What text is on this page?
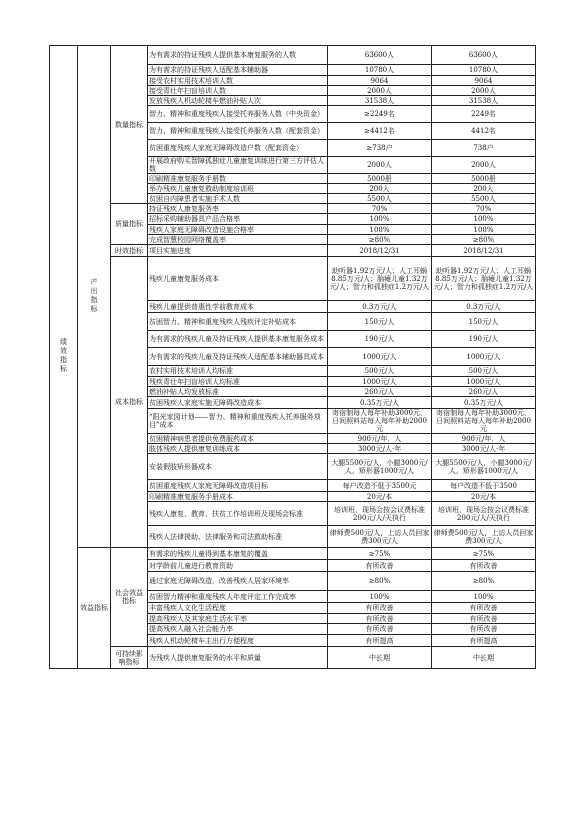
绩效指标	产出指标	数量指标	为有需求的持证残疾人提供基本康复服务的人数	63600人	63600人
			为有需求的持证残疾人适配基本辅助器	10780人	10780人
			接受农村实用技术培训人数	9064	9064
			接受青壮年扫盲培训人数	2000人	2000人
			发放残疾人机动轮椅车燃油补贴人次	31538人	31538人
			智力、精神和重度残疾人接受托养服务人数（中央资金）	≥2249名	2249名
			智力、精神和重度残疾人接受托养服务人数（配套资金）	≥4412名	4412名
			贫困重度残疾人家庭无障碍改造户数（配套资金）	≥738户	738户
			开展政府购买智障孤独症儿童康复训练进行第三方评估人数	2000人	2000人
			印刷精准康复服务手册数	5000册	5000册
			举办残疾儿童康复救助制度培训班	200人	200人
			贫困自内障患者实施手术人数	5500人	5500人
		质量指标	持证残疾人康复服务率	70%	70%
			招标采购辅助器具产品合格率	100%	100%
			残疾人家庭无障碍改造设施合格率	100%	100%
			完成智慧校园网络覆盖率	≥80%	≥80%
		时效指标	项目实施进度	2018/12/31	2018/12/31
		成本指标	残疾儿童康复服务成本	助听器1.92万元/人；人工耳蜗8.85万元/人；脑瘫儿童1.32万元/人；智力和孤独症1.2万元/人	助听器1.92万元/人；人工耳蜗8.85万元/人；脑瘫儿童1.32万元/人；智力和孤独症1.2万元/人
			残疾儿童提供普惠性学前教育成本	0.3万元/人	0.3万元/人
			贫困智力、精神和重度残疾人残疾评定补贴成本	150元/人	150元/人
			为有需求的残疾儿童及持证残疾人提供基本康复服务成本	190元/人	190元/人
			为有需求的残疾儿童及持证残疾人适配基本辅助器具成本	1000元/人	1000元/人
			农村实用技术培训人均标准	500元/人	500元/人
			残疾青壮年扫盲培训人均标准	1000元/人	1000元/人
			燃油补贴人均发放标准	260元/人	260元/人
			贫困残疾人家庭实施无障碍改造成本	0.35万元/人	0.35万元/人
			“阳光家园计划——智力、精神和重度残疾人托养服务项目”成本	寄宿制每人每年补助3000元、日间照料站每人每年补助2000元	寄宿制每人每年补助3000元、日间照料站每人每年补助2000元
			贫困精神病患者提供免费服药成本	900元/年．人	900元/年．人
			肢体残疾人提供康复训练成本	3000元/人·年	3000元/人·年
			安装假肢矫形器成本	大腿5500元/人，小腿3000元/人，矫形器1000元/人	大腿5500元/人，小腿3000元/人，矫形器1000元/人
			贫困重度残疾人家庭无障碍改造项目标	每户改造不低于3500元	每户改造不低于3500
			印刷精准康复服务手册成本	20元/本	20元/本
			残疾人康复、教育、扶贫工作培训班及现场会标准	培训班、现场会按会议费标准200元/人/天执行	培训班、现场会按会议费标准200元/人/天执行
			残疾人法律援助、法律服务和司法救助标准	律师费500元/人，上访人员回家费300元/人	律师费500元/人，上访人员回家费300元/人
	效益指标	社会效益指标	有需求的残疾儿童得到基本康复的覆盖	≥75%	≥75%
			对学龄前儿童进行教育资助	有所改善	有所改善
			通过家庭无障碍改造，改善残疾人居家环境率	≥80%	≥80%
			贫困智力精神和重度残疾人年度评定工作完成率	100%	100%
			丰富残疾人文化生活程度	有所改善	有所改善
			提高残疾人及其家庭生活水平率	有所改善	有所改善
			提高残疾人融入社会能力率	有所改善	有所改善
			残疾人机动轮椅车主出行方便程度	有所提高	有所提高
		可持续影响指标	为残疾人提供康复服务的水平和质量	中长期	中长期
